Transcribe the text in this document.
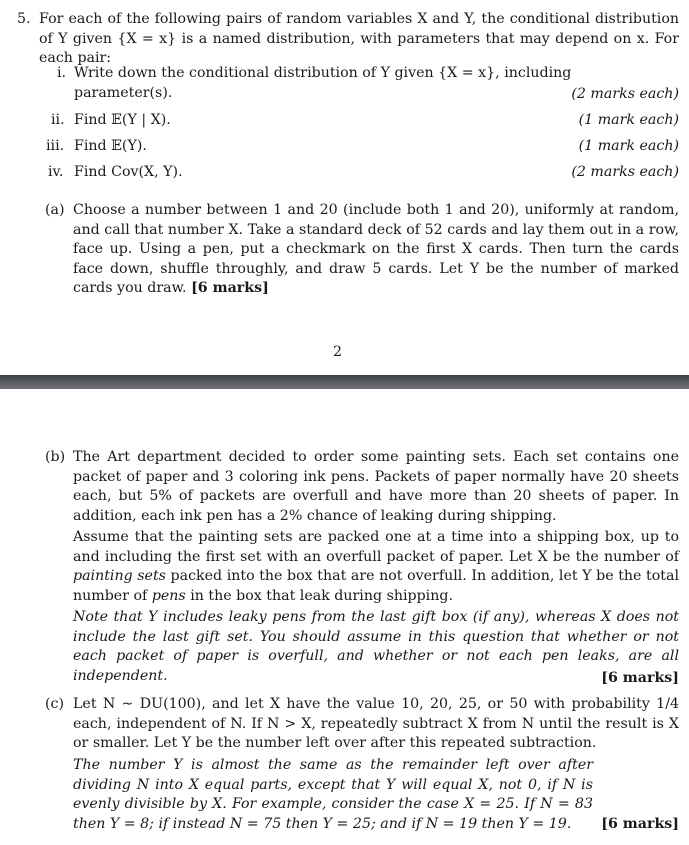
5. For each of the following pairs of random variables X and Y, the conditional distribution of Y given {X = x} is a named distribution, with parameters that may depend on x. For each pair:
i. Write down the conditional distribution of Y given {X = x}, including parameter(s).	(2 marks each)
ii. Find 𝔼(Y | X).	(1 mark each)
iii. Find 𝔼(Y).	(1 mark each)
iv. Find Cov(X, Y).	(2 marks each)
(a) Choose a number between 1 and 20 (include both 1 and 20), uniformly at random, and call that number X. Take a standard deck of 52 cards and lay them out in a row, face up. Using a pen, put a checkmark on the first X cards. Then turn the cards face down, shuffle throughly, and draw 5 cards. Let Y be the number of marked cards you draw. [6 marks]
2
(b) The Art department decided to order some painting sets. Each set contains one packet of paper and 3 coloring ink pens. Packets of paper normally have 20 sheets each, but 5% of packets are overfull and have more than 20 sheets of paper. In addition, each ink pen has a 2% chance of leaking during shipping.
Assume that the painting sets are packed one at a time into a shipping box, up to and including the first set with an overfull packet of paper. Let X be the number of painting sets packed into the box that are not overfull. In addition, let Y be the total number of pens in the box that leak during shipping.
Note that Y includes leaky pens from the last gift box (if any), whereas X does not include the last gift set. You should assume in this question that whether or not each packet of paper is overfull, and whether or not each pen leaks, are all independent.	[6 marks]
(c) Let N ∼ DU(100), and let X have the value 10, 20, 25, or 50 with probability 1/4 each, independent of N. If N > X, repeatedly subtract X from N until the result is X or smaller. Let Y be the number left over after this repeated subtraction.
The number Y is almost the same as the remainder left over after dividing N into X equal parts, except that Y will equal X, not 0, if N is evenly divisible by X. For example, consider the case X = 25. If N = 83 then Y = 8; if instead N = 75 then Y = 25; and if N = 19 then Y = 19.	[6 marks]
